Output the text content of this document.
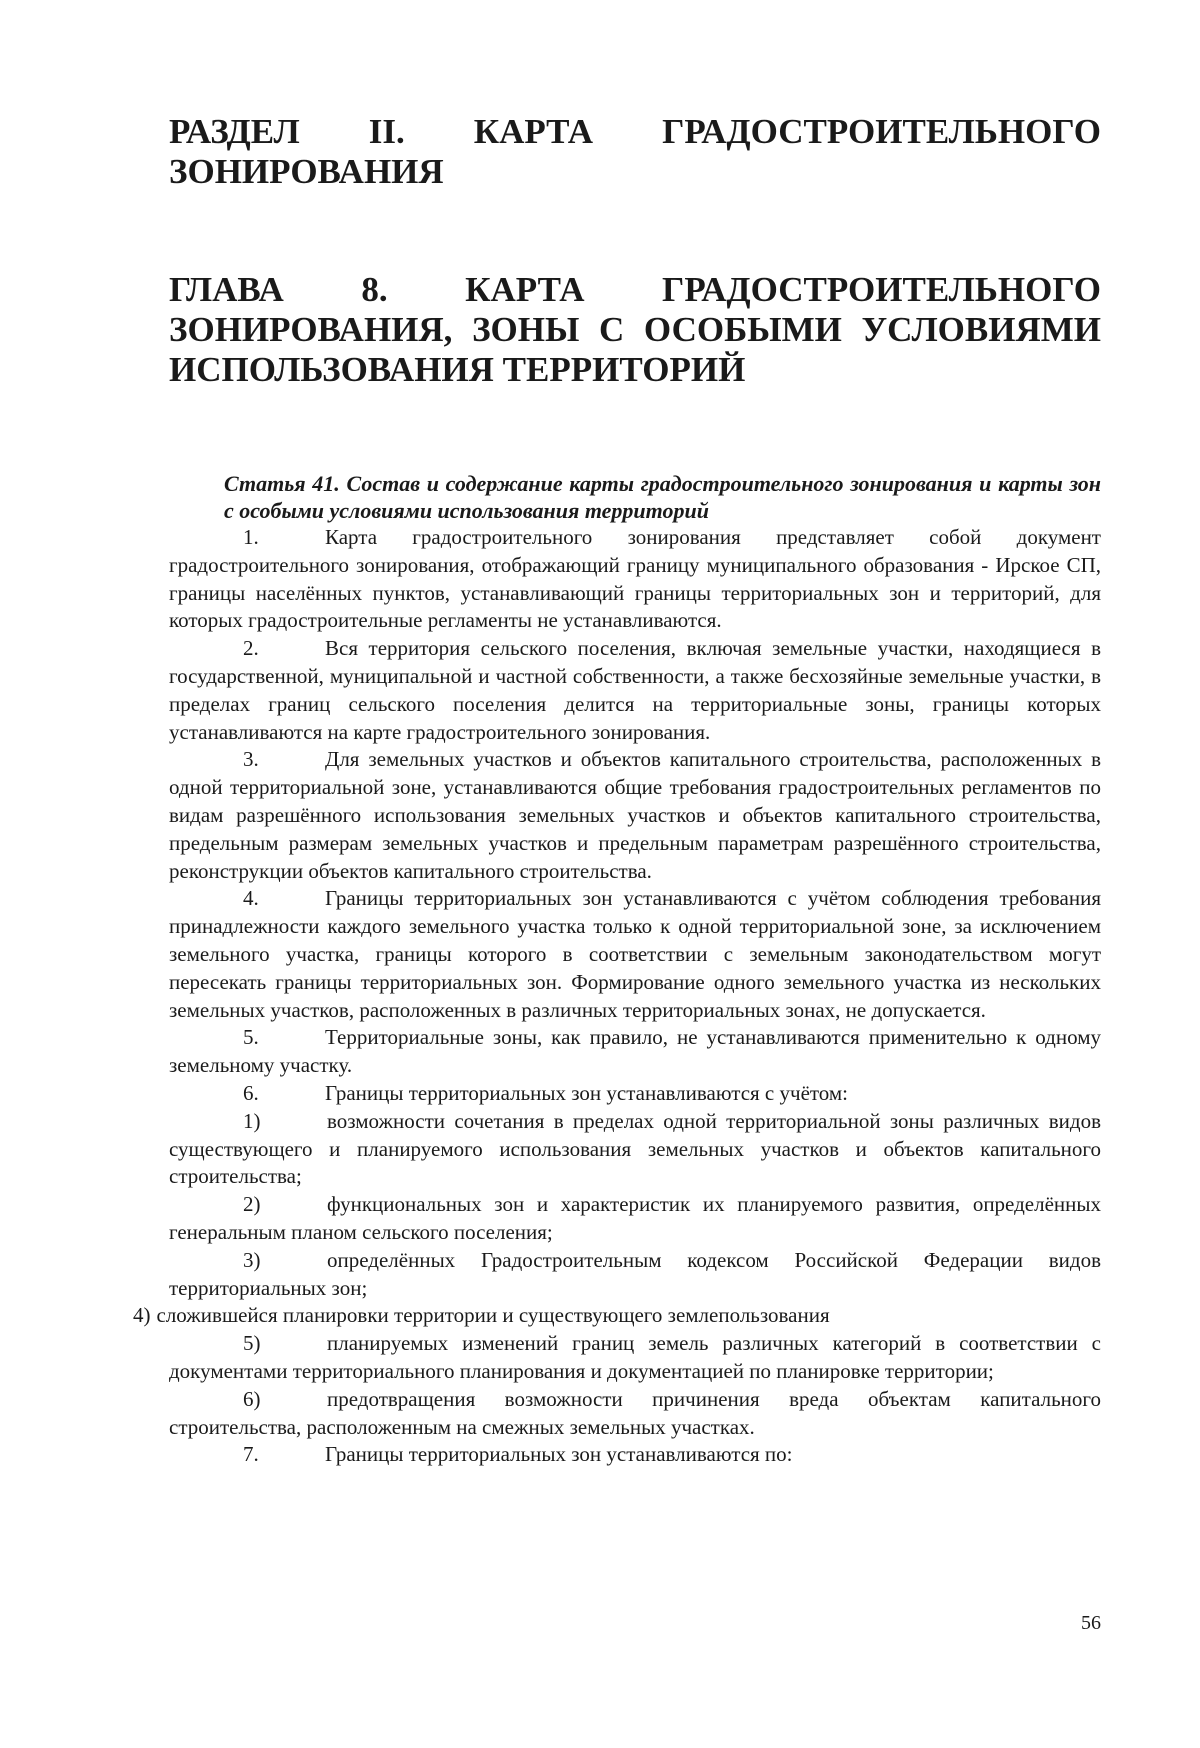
РАЗДЕЛ II. КАРТА ГРАДОСТРОИТЕЛЬНОГО ЗОНИРОВАНИЯ
ГЛАВА 8. КАРТА ГРАДОСТРОИТЕЛЬНОГО ЗОНИРОВАНИЯ, ЗОНЫ С ОСОБЫМИ УСЛОВИЯМИ ИСПОЛЬЗОВАНИЯ ТЕРРИТОРИЙ
Статья 41. Состав и содержание карты градостроительного зонирования и карты зон с особыми условиями использования территорий

1.	Карта градостроительного зонирования представляет собой документ градостроительного зонирования, отображающий границу муниципального образования - Ирское СП, границы населённых пунктов, устанавливающий границы территориальных зон и территорий, для которых градостроительные регламенты не устанавливаются.

2.	Вся территория сельского поселения, включая земельные участки, находящиеся в государственной, муниципальной и частной собственности, а также бесхозяйные земельные участки, в пределах границ сельского поселения делится на территориальные зоны, границы которых устанавливаются на карте градостроительного зонирования.

3.	Для земельных участков и объектов капитального строительства, расположенных в одной территориальной зоне, устанавливаются общие требования градостроительных регламентов по видам разрешённого использования земельных участков и объектов капитального строительства, предельным размерам земельных участков и предельным параметрам разрешённого строительства, реконструкции объектов капитального строительства.

4.	Границы территориальных зон устанавливаются с учётом соблюдения требования принадлежности каждого земельного участка только к одной территориальной зоне, за исключением земельного участка, границы которого в соответствии с земельным законодательством могут пересекать границы территориальных зон. Формирование одного земельного участка из нескольких земельных участков, расположенных в различных территориальных зонах, не допускается.

5.	Территориальные зоны, как правило, не устанавливаются применительно к одному земельному участку.

6.	Границы территориальных зон устанавливаются с учётом:

1)	возможности сочетания в пределах одной территориальной зоны различных видов существующего и планируемого использования земельных участков и объектов капитального строительства;

2)	функциональных зон и характеристик их планируемого развития, определённых генеральным планом сельского поселения;

3)	определённых Градостроительным кодексом Российской Федерации видов территориальных зон;

4) сложившейся планировки территории и существующего землепользования

5)	планируемых изменений границ земель различных категорий в соответствии с документами территориального планирования и документацией по планировке территории;

6)	предотвращения возможности причинения вреда объектам капитального строительства, расположенным на смежных земельных участках.

7.	Границы территориальных зон устанавливаются по:

56
